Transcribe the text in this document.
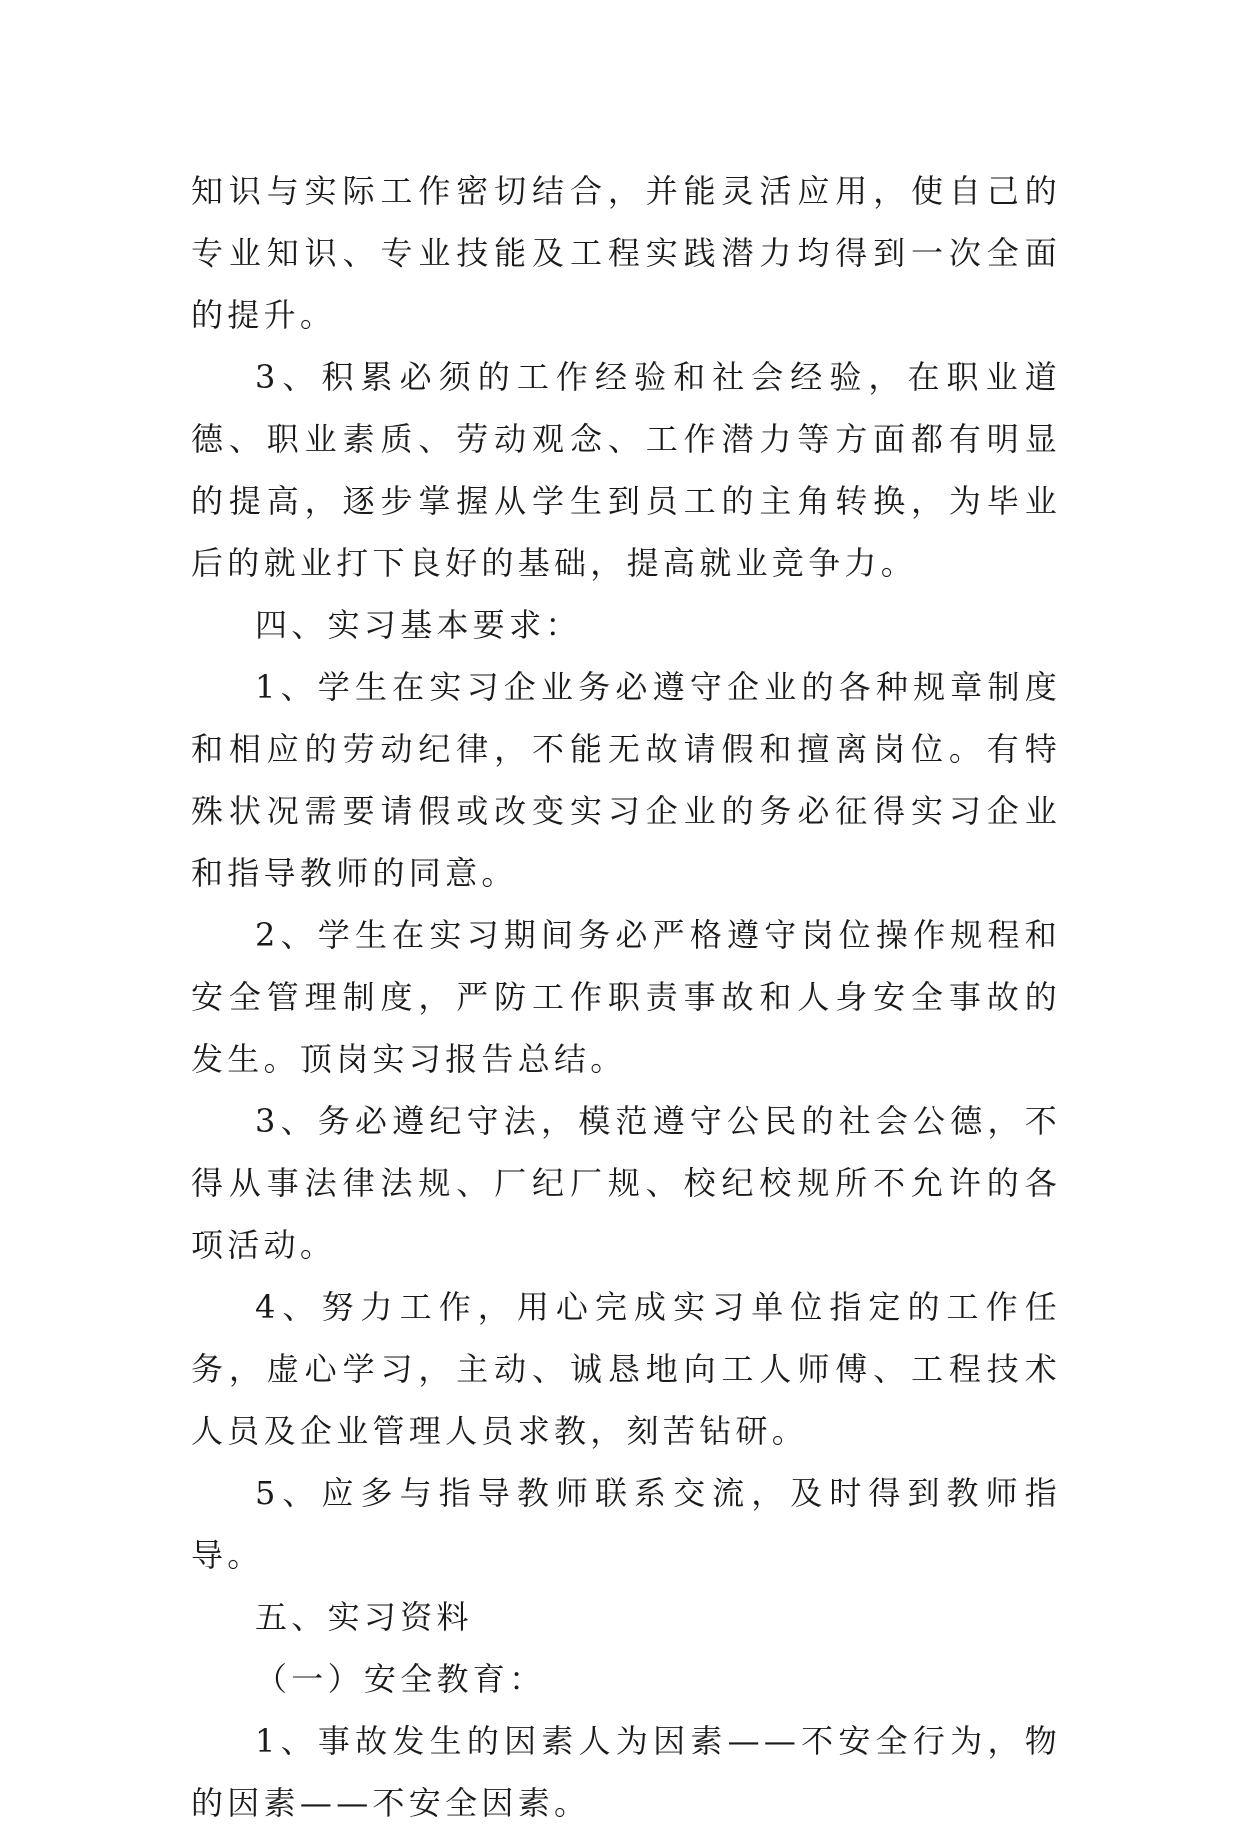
知识与实际工作密切结合，并能灵活应用，使自己的专业知识、专业技能及工程实践潜力均得到一次全面的提升。

3、积累必须的工作经验和社会经验，在职业道德、职业素质、劳动观念、工作潜力等方面都有明显的提高，逐步掌握从学生到员工的主角转换，为毕业后的就业打下良好的基础，提高就业竞争力。

四、实习基本要求：

1、学生在实习企业务必遵守企业的各种规章制度和相应的劳动纪律，不能无故请假和擅离岗位。有特殊状况需要请假或改变实习企业的务必征得实习企业和指导教师的同意。

2、学生在实习期间务必严格遵守岗位操作规程和安全管理制度，严防工作职责事故和人身安全事故的发生。顶岗实习报告总结。

3、务必遵纪守法，模范遵守公民的社会公德，不得从事法律法规、厂纪厂规、校纪校规所不允许的各项活动。

4、努力工作，用心完成实习单位指定的工作任务，虚心学习，主动、诚恳地向工人师傅、工程技术人员及企业管理人员求教，刻苦钻研。

5、应多与指导教师联系交流，及时得到教师指导。

五、实习资料

（一）安全教育：

1、事故发生的因素人为因素——不安全行为，物的因素——不安全因素。
